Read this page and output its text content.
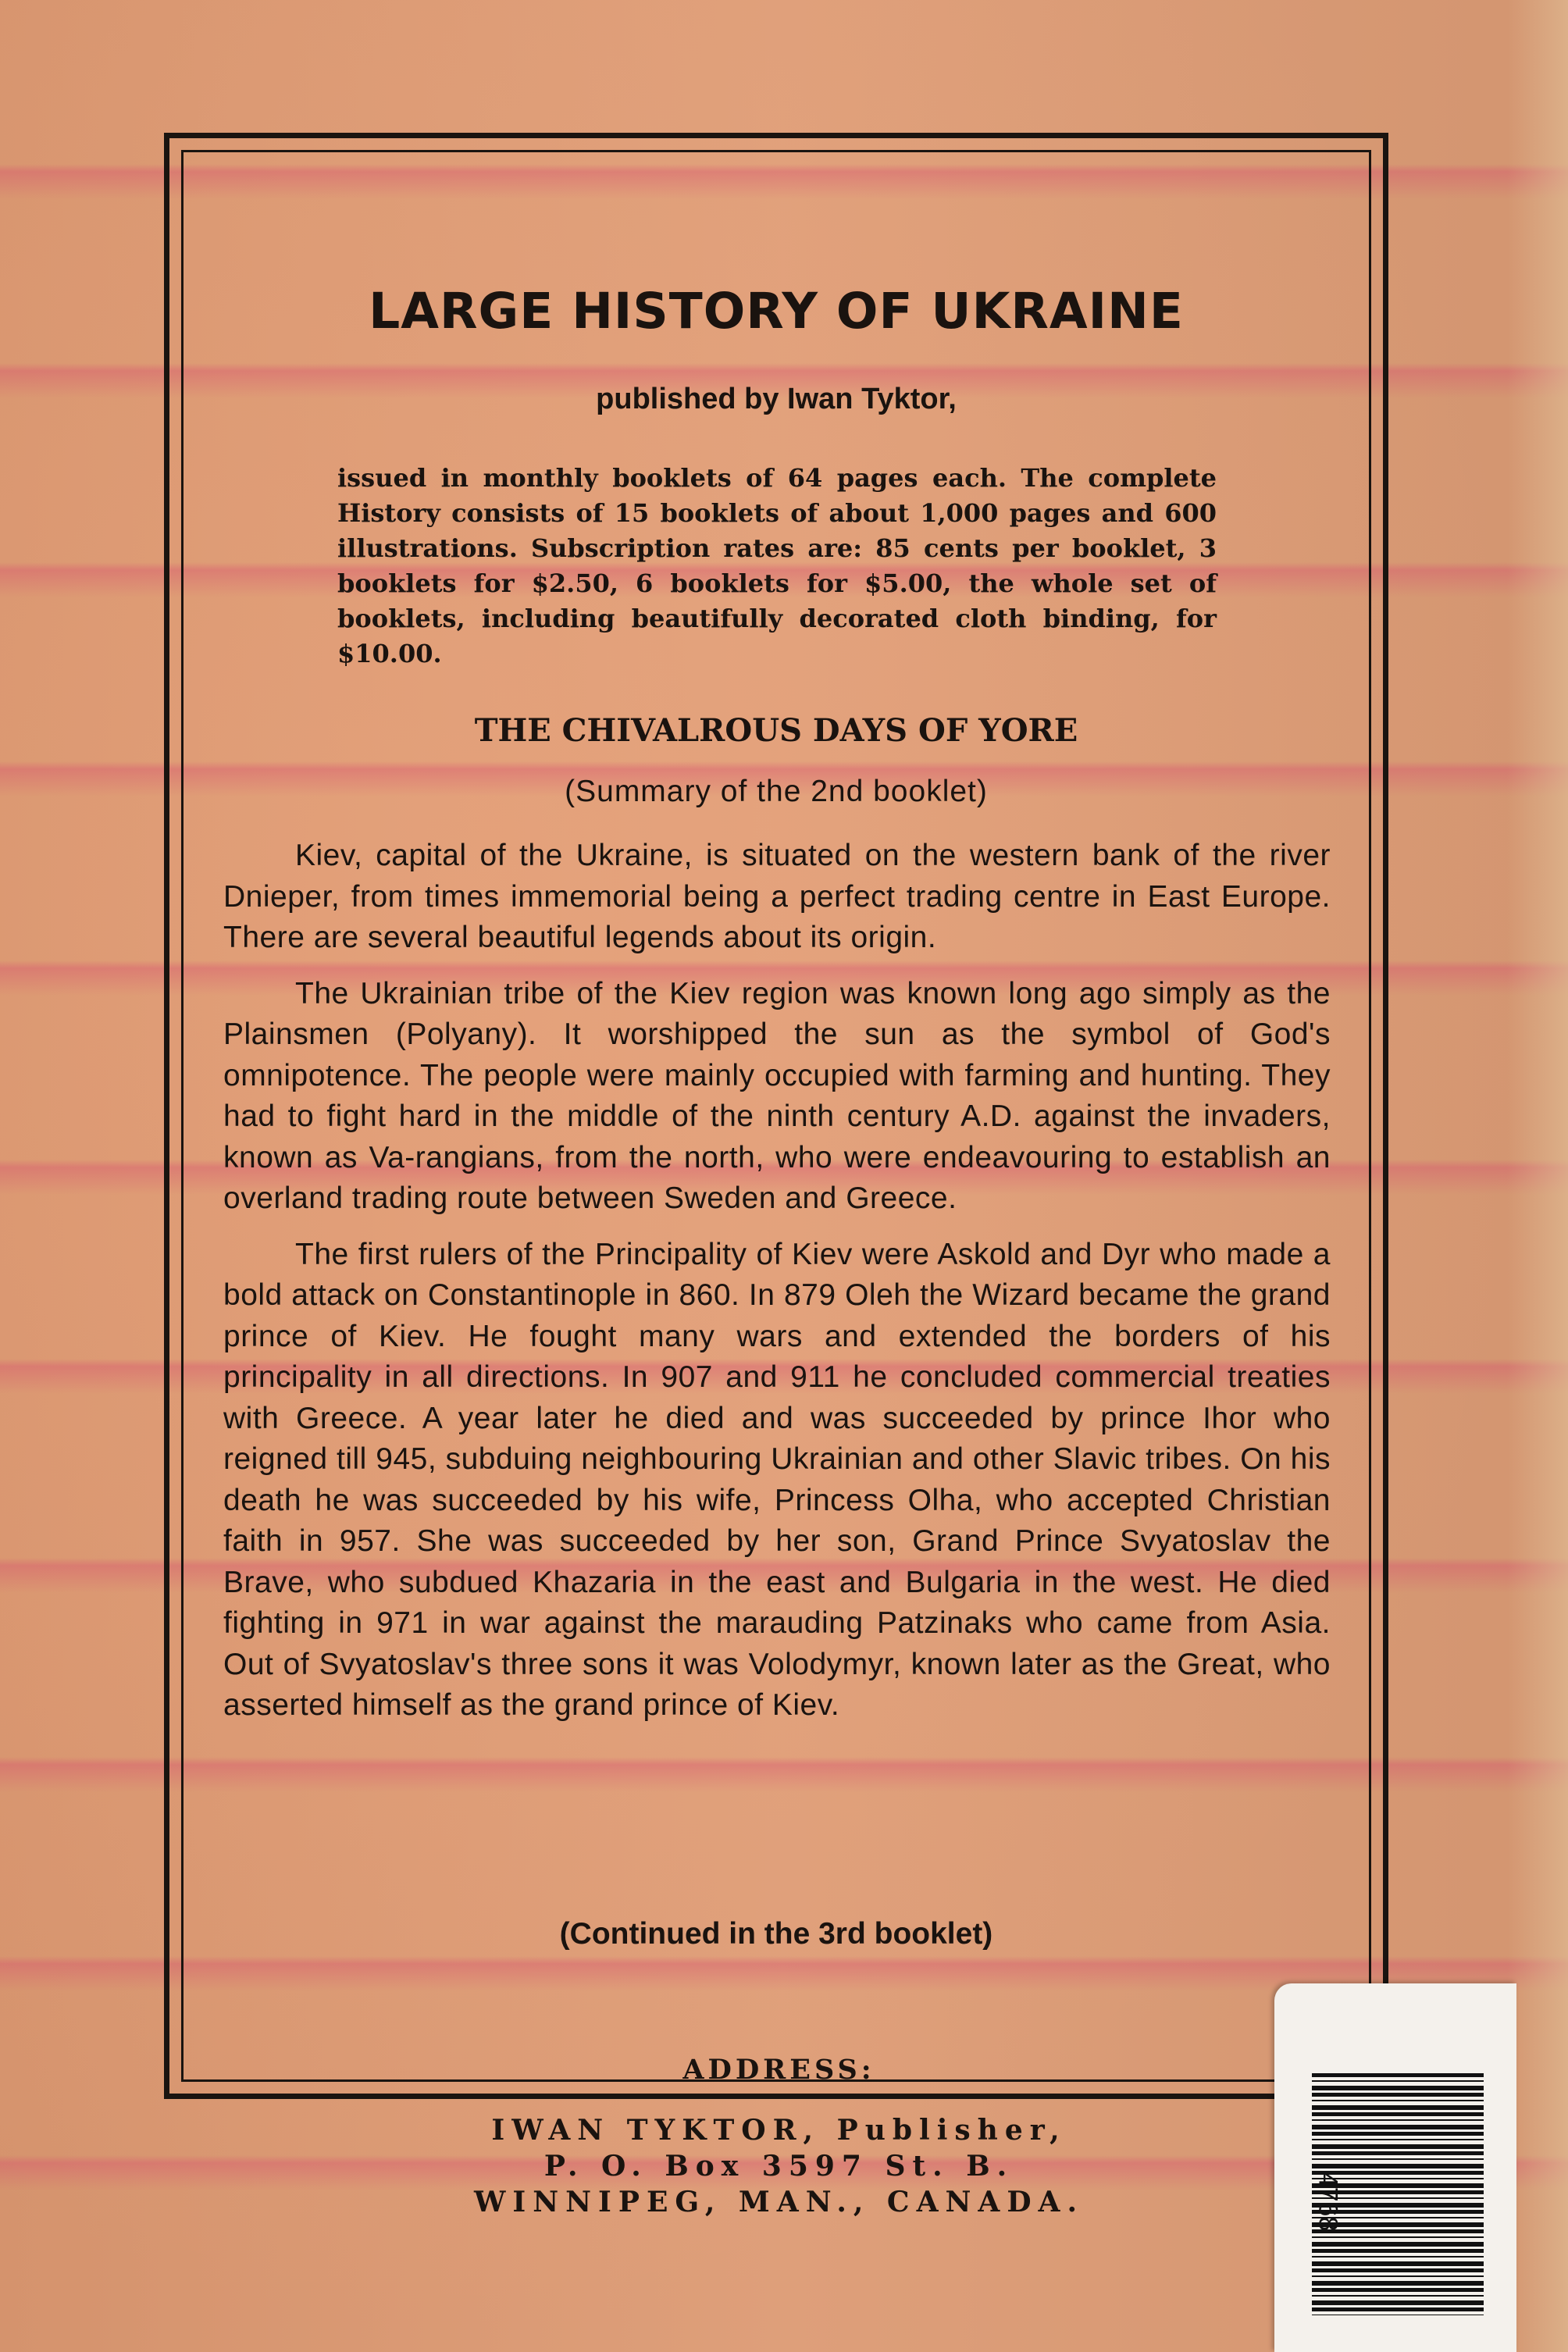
LARGE HISTORY OF UKRAINE
published by Iwan Tyktor,
issued in monthly booklets of 64 pages each. The complete History consists of 15 booklets of about 1,000 pages and 600 illustrations. Subscription rates are: 85 cents per booklet, 3 booklets for $2.50, 6 booklets for $5.00, the whole set of booklets, including beautifully decorated cloth binding, for $10.00.
THE CHIVALROUS DAYS OF YORE
(Summary of the 2nd booklet)

Kiev, capital of the Ukraine, is situated on the western bank of the river Dnieper, from times immemorial being a perfect trading centre in East Europe. There are several beautiful legends about its origin.

The Ukrainian tribe of the Kiev region was known long ago simply as the Plainsmen (Polyany). It worshipped the sun as the symbol of God's omnipotence. The people were mainly occupied with farming and hunting. They had to fight hard in the middle of the ninth century A.D. against the invaders, known as Va-rangians, from the north, who were endeavouring to establish an overland trading route between Sweden and Greece.

The first rulers of the Principality of Kiev were Askold and Dyr who made a bold attack on Constantinople in 860. In 879 Oleh the Wizard became the grand prince of Kiev. He fought many wars and extended the borders of his principality in all directions. In 907 and 911 he concluded commercial treaties with Greece. A year later he died and was succeeded by prince Ihor who reigned till 945, subduing neighbouring Ukrainian and other Slavic tribes. On his death he was succeeded by his wife, Princess Olha, who accepted Christian faith in 957. She was succeeded by her son, Grand Prince Svyatoslav the Brave, who subdued Khazaria in the east and Bulgaria in the west. He died fighting in 971 in war against the marauding Patzinaks who came from Asia. Out of Svyatoslav's three sons it was Volodymyr, known later as the Great, who asserted himself as the grand prince of Kiev.

(Continued in the 3rd booklet)
ADDRESS:
IWAN TYKTOR, Publisher,
P. O. Box 3597 St. B.
WINNIPEG, MAN., CANADA.	4768
